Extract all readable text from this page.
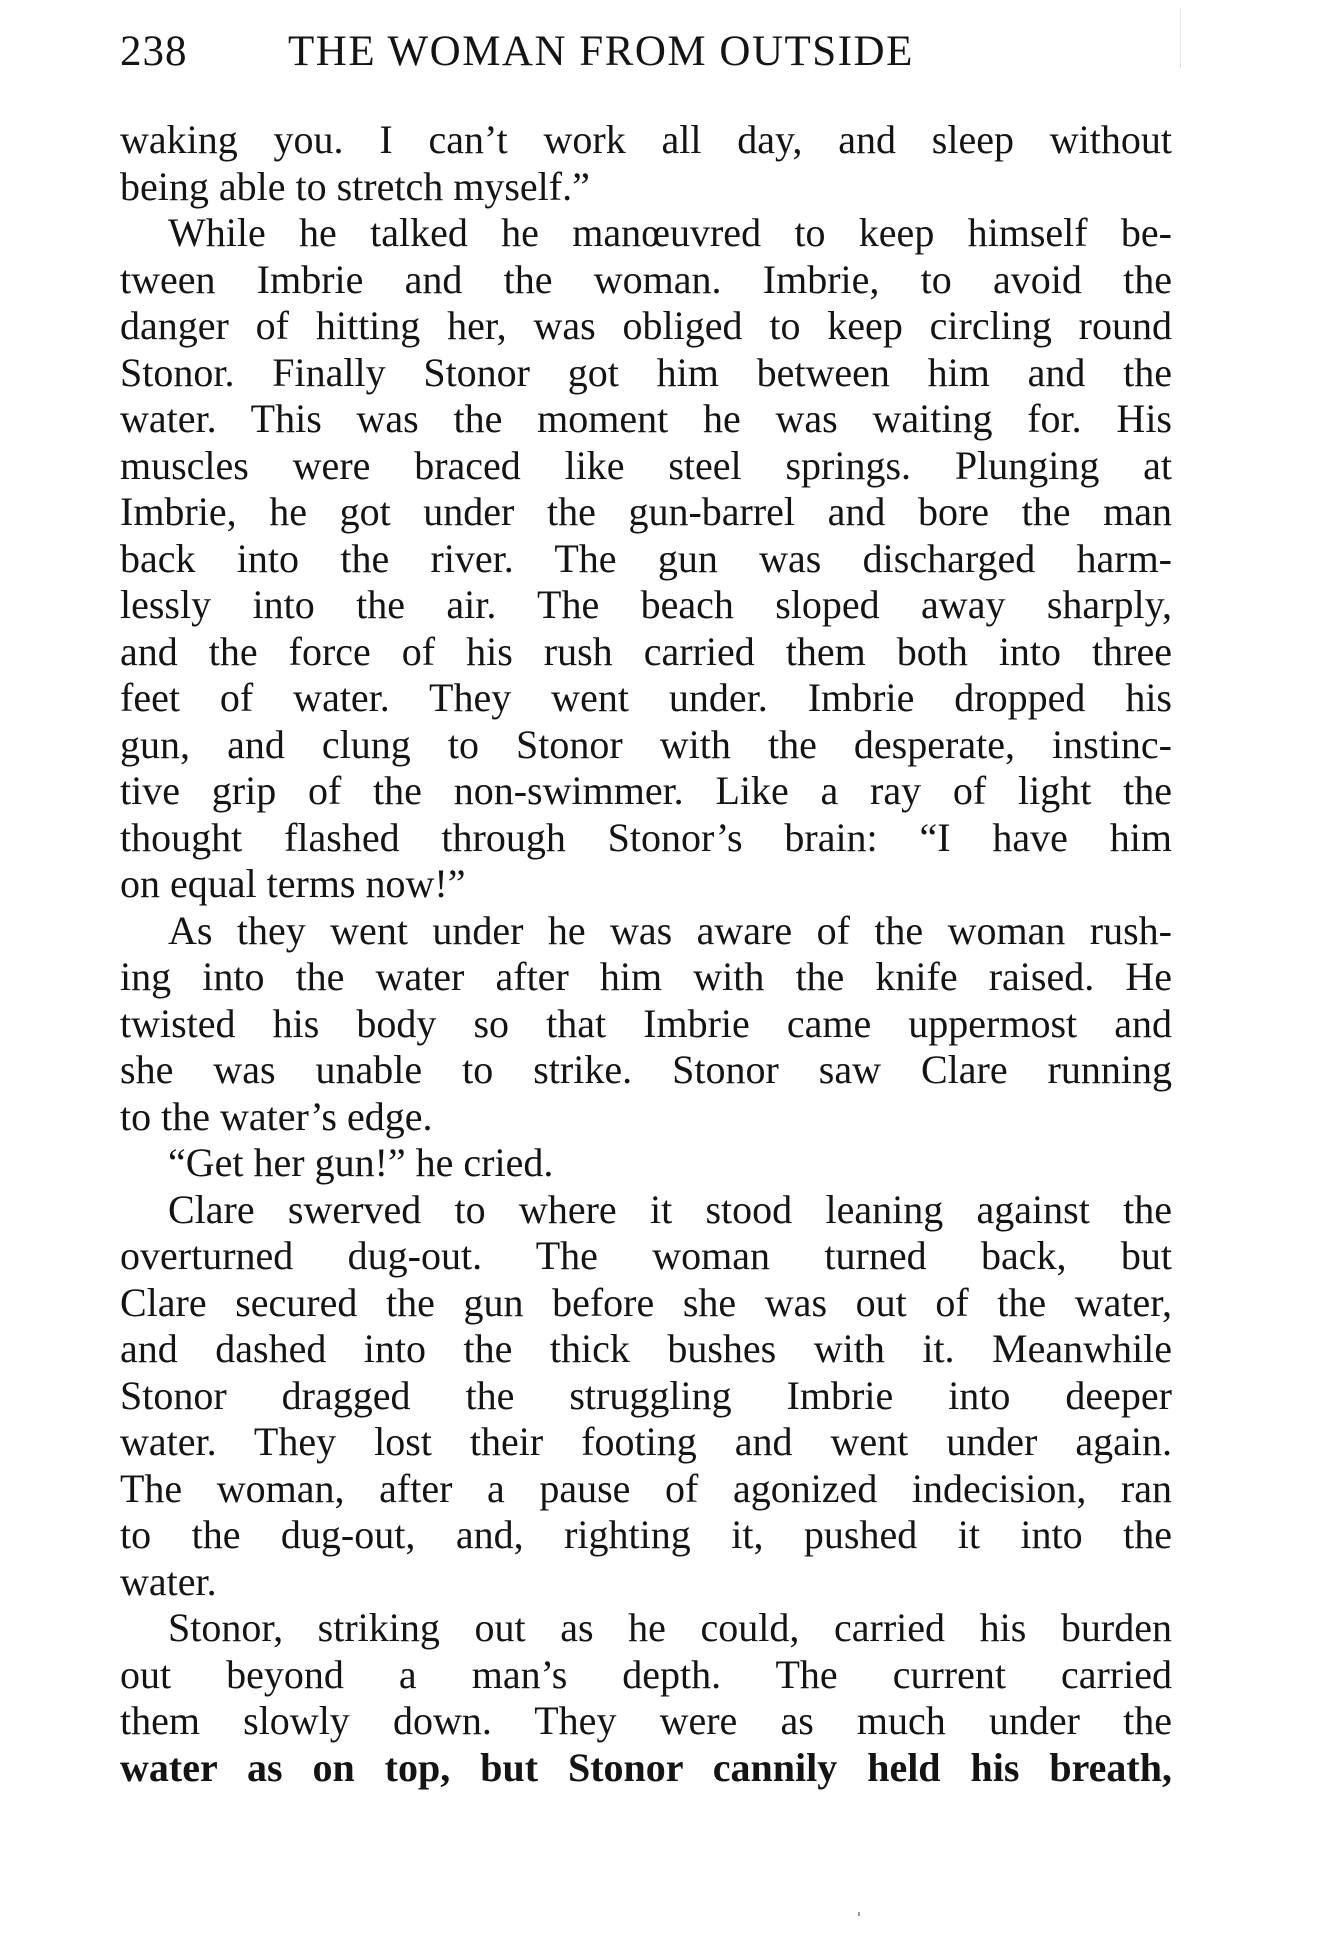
238 THE WOMAN FROM OUTSIDE
waking you. I can’t work all day, and sleep without
being able to stretch myself.”
While he talked he manœuvred to keep himself be-
tween Imbrie and the woman. Imbrie, to avoid the
danger of hitting her, was obliged to keep circling round
Stonor. Finally Stonor got him between him and the
water. This was the moment he was waiting for. His
muscles were braced like steel springs. Plunging at
Imbrie, he got under the gun-barrel and bore the man
back into the river. The gun was discharged harm-
lessly into the air. The beach sloped away sharply,
and the force of his rush carried them both into three
feet of water. They went under. Imbrie dropped his
gun, and clung to Stonor with the desperate, instinc-
tive grip of the non-swimmer. Like a ray of light the
thought flashed through Stonor’s brain: “I have him
on equal terms now!”
As they went under he was aware of the woman rush-
ing into the water after him with the knife raised. He
twisted his body so that Imbrie came uppermost and
she was unable to strike. Stonor saw Clare running
to the water’s edge.
“Get her gun!” he cried.
Clare swerved to where it stood leaning against the
overturned dug-out. The woman turned back, but
Clare secured the gun before she was out of the water,
and dashed into the thick bushes with it. Meanwhile
Stonor dragged the struggling Imbrie into deeper
water. They lost their footing and went under again.
The woman, after a pause of agonized indecision, ran
to the dug-out, and, righting it, pushed it into the
water.
Stonor, striking out as he could, carried his burden
out beyond a man’s depth. The current carried
them slowly down. They were as much under the
water as on top, but Stonor cannily held his breath,
